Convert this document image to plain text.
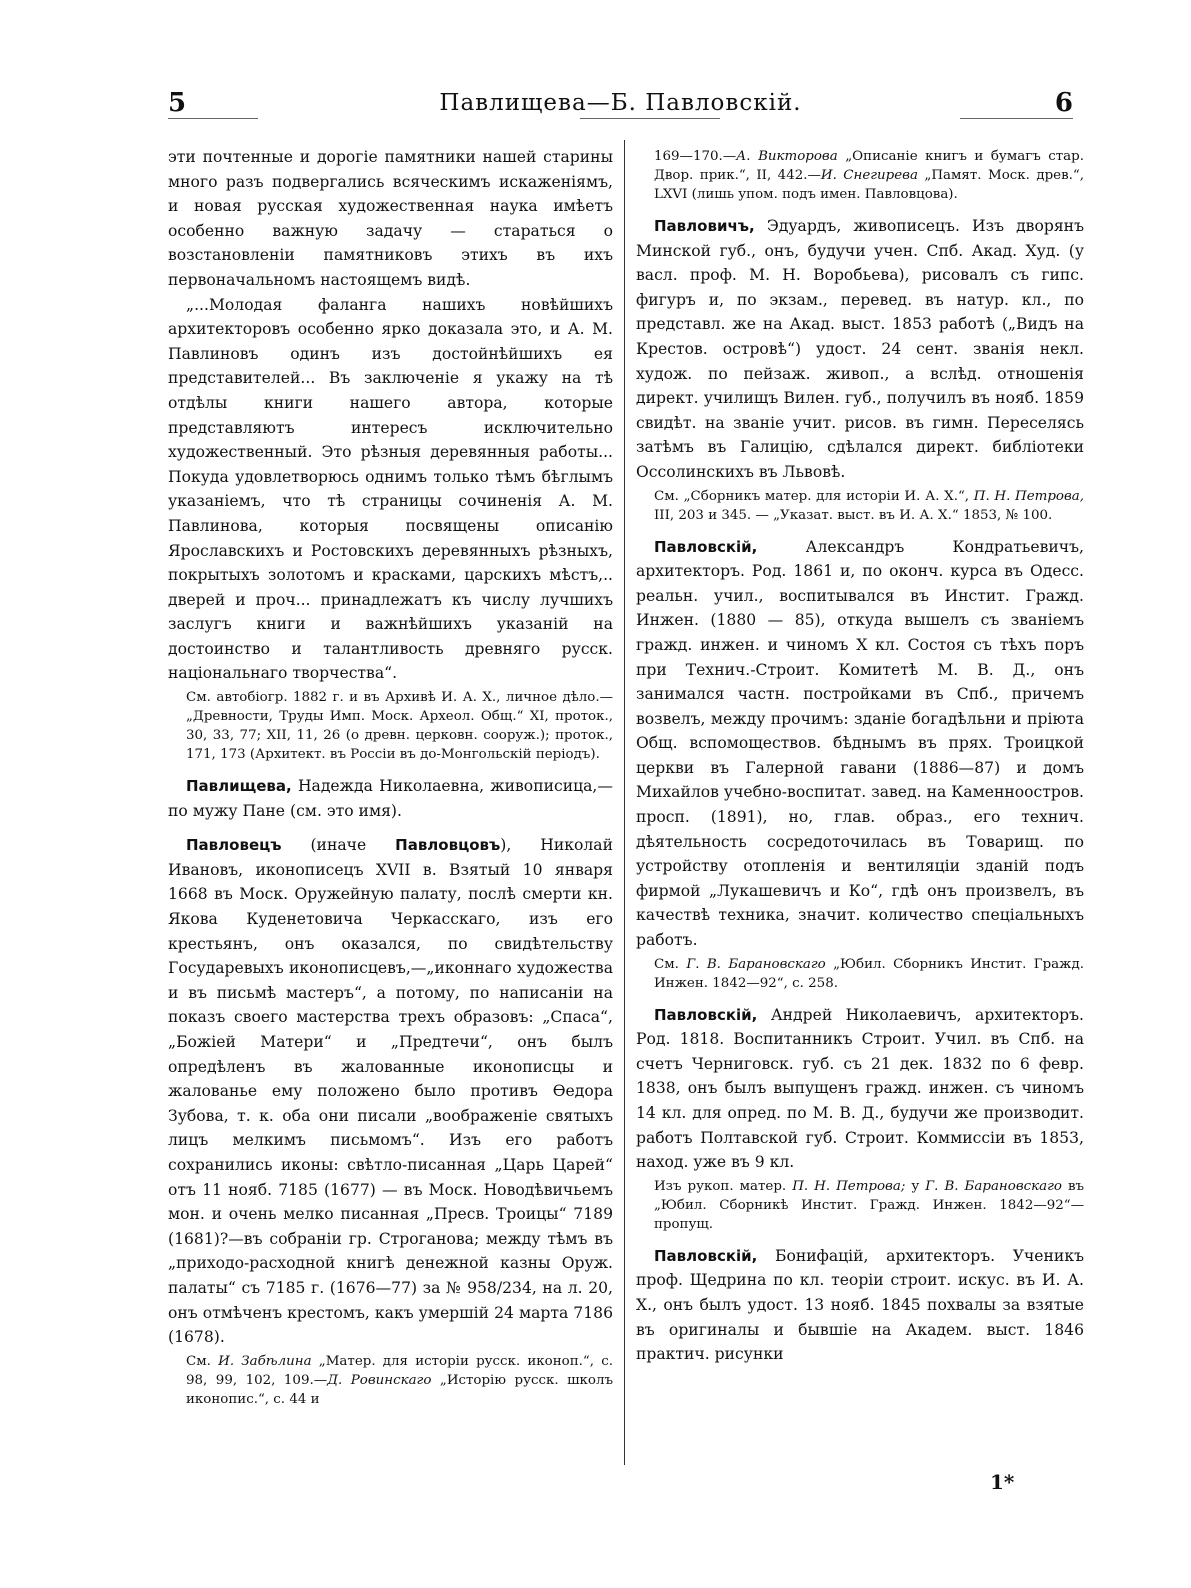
5	Павлищева—Б. Павловскій.	6

эти почтенные и дорогіе памятники нашей старины много разъ подвергались всяческимъ искаженіямъ, и новая русская художественная наука имѣетъ особенно важную задачу — стараться о возстановленіи памятниковъ этихъ въ ихъ первоначальномъ настоящемъ видѣ.

„...Молодая фаланга нашихъ новѣйшихъ архитекторовъ особенно ярко доказала это, и А. М. Павлиновъ одинъ изъ достойнѣйшихъ ея представителей... Въ заключеніе я укажу на тѣ отдѣлы книги нашего автора, которые представляютъ интересъ исключительно художественный. Это рѣзныя деревянныя работы... Покуда удовлетворюсь однимъ только тѣмъ бѣглымъ указаніемъ, что тѣ страницы сочиненія А. М. Павлинова, которыя посвящены описанію Ярославскихъ и Ростовскихъ деревянныхъ рѣзныхъ, покрытыхъ золотомъ и красками, царскихъ мѣстъ,.. дверей и проч... принадлежатъ къ числу лучшихъ заслугъ книги и важнѣйшихъ указаній на достоинство и талантливость древняго русск. національнаго творчества“.

См. автобіогр. 1882 г. и въ Архивѣ И. А. Х., личное дѣло.—„Древности, Труды Имп. Моск. Археол. Общ.“ XI, проток., 30, 33, 77; XII, 11, 26 (о древн. церковн. сооруж.); проток., 171, 173 (Архитект. въ Россіи въ до-Монгольскій періодъ).

Павлищева, Надежда Николаевна, живописица,—по мужу Пане (см. это имя).

Павловецъ (иначе Павловцовъ), Николай Ивановъ, иконописецъ XVII в. Взятый 10 января 1668 въ Моск. Оружейную палату, послѣ смерти кн. Якова Куденетовича Черкасскаго, изъ его крестьянъ, онъ оказался, по свидѣтельству Государевыхъ иконописцевъ,—„иконнаго художества и въ письмѣ мастеръ“, а потому, по написаніи на показъ своего мастерства трехъ образовъ: „Спаса“, „Божіей Матери“ и „Предтечи“, онъ былъ опредѣленъ въ жалованные иконописцы и жалованье ему положено было противъ Ѳедора Зубова, т. к. оба они писали „воображеніе святыхъ лицъ мелкимъ письмомъ“. Изъ его работъ сохранились иконы: свѣтло-писанная „Царь Царей“ отъ 11 нояб. 7185 (1677) — въ Моск. Новодѣвичьемъ мон. и очень мелко писанная „Пресв. Троицы“ 7189 (1681)?—въ собраніи гр. Строганова; между тѣмъ въ „приходо-расходной книгѣ денежной казны Оруж. палаты“ съ 7185 г. (1676—77) за № 958/234, на л. 20, онъ отмѣченъ крестомъ, какъ умершій 24 марта 7186 (1678).

См. И. Забѣлина „Матер. для исторіи русск. иконоп.“, с. 98, 99, 102, 109.—Д. Ровинскаго „Исторію русск. школъ иконопис.“, с. 44 и

169—170.—А. Викторова „Описаніе книгъ и бумагъ стар. Двор. прик.“, II, 442.—И. Снегирева „Памят. Моск. древ.“, LXVI (лишь упом. подъ имен. Павловцова).

Павловичъ, Эдуардъ, живописецъ. Изъ дворянъ Минской губ., онъ, будучи учен. Спб. Акад. Худ. (у васл. проф. М. Н. Воробьева), рисовалъ съ гипс. фигуръ и, по экзам., перевед. въ натур. кл., по представл. же на Акад. выст. 1853 работѣ („Видъ на Крестов. островѣ“) удост. 24 сент. званія некл. худож. по пейзаж. живоп., а вслѣд. отношенія директ. училищъ Вилен. губ., получилъ въ нояб. 1859 свидѣт. на званіе учит. рисов. въ гимн. Переселясь затѣмъ въ Галицію, сдѣлался директ. библіотеки Оссолинскихъ въ Львовѣ.

См. „Сборникъ матер. для исторіи И. А. Х.“, П. Н. Петрова, III, 203 и 345. — „Указат. выст. въ И. А. Х.“ 1853, № 100.

Павловскій,	Александръ Кондратьевичъ, архитекторъ. Род. 1861 и, по оконч. курса въ Одесс. реальн. учил., воспитывался въ Инстит. Гражд. Инжен. (1880 — 85), откуда вышелъ съ званіемъ гражд. инжен. и чиномъ X кл. Состоя съ тѣхъ поръ при Технич.-Строит. Комитетѣ М. В. Д., онъ занимался частн. постройками въ Спб., причемъ возвелъ, между прочимъ: зданіе богадѣльни и пріюта Общ. вспомоществов. бѣднымъ въ прях. Троицкой церкви въ Галерной гавани (1886—87) и домъ Михайлов учебно-воспитат. завед. на Каменноостров. просп. (1891), но, глав. образ., его технич. дѣятельность сосредоточилась въ Товарищ. по устройству отопленія и вентиляціи зданій подъ фирмой „Лукашевичъ и Ко“, гдѣ онъ произвелъ, въ качествѣ техника, значит. количество спеціальныхъ работъ.

См. Г. В. Барановскаго „Юбил. Сборникъ Инстит. Гражд. Инжен. 1842—92“, с. 258.

Павловскій, Андрей Николаевичъ, архитекторъ. Род. 1818. Воспитанникъ Строит. Учил. въ Спб. на счетъ Черниговск. губ. съ 21 дек. 1832 по 6 февр. 1838, онъ былъ выпущенъ гражд. инжен. съ чиномъ 14 кл. для опред. по М. В. Д., будучи же производит. работъ Полтавской губ. Строит. Коммиссіи въ 1853, наход. уже въ 9 кл.

Изъ рукоп. матер. П. Н. Петрова; у Г. В. Барановскаго въ „Юбил. Сборникѣ Инстит. Гражд. Инжен. 1842—92“—пропущ.

Павловскій, Бонифацій, архитекторъ. Ученикъ проф. Щедрина по кл. теоріи строит. искус. въ И. А. Х., онъ былъ удост. 13 нояб. 1845 похвалы за взятые въ оригиналы и бывшіе на Академ. выст. 1846 практич. рисунки

1*
